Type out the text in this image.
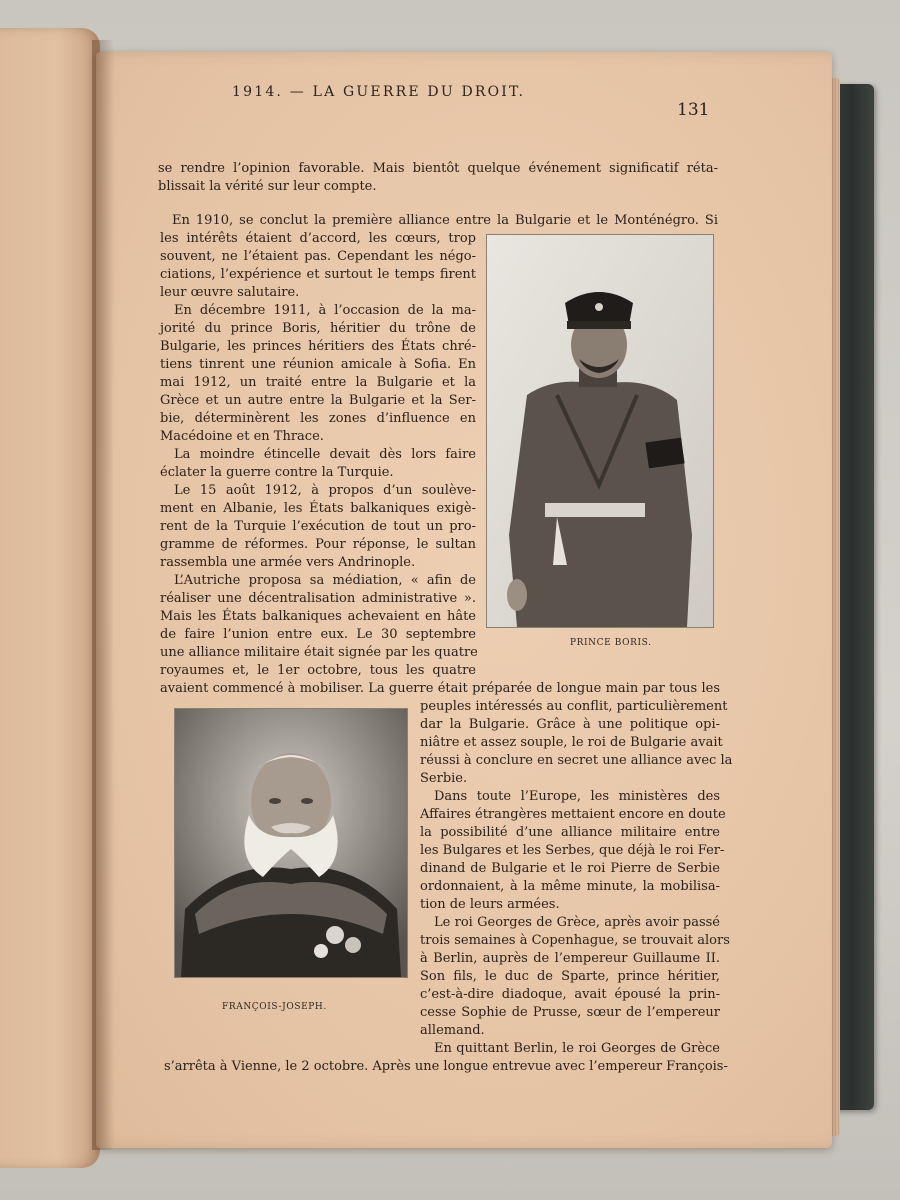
1914. — LA GUERRE DU DROIT.
131
se rendre l’opinion favorable. Mais bientôt quelque événement significatif réta-
blissait la vérité sur leur compte.
En 1910, se conclut la première alliance entre la Bulgarie et le Monténégro. Si
les intérêts étaient d’accord, les cœurs, trop
souvent, ne l’étaient pas. Cependant les négo-
ciations, l’expérience et surtout le temps firent
leur œuvre salutaire.
En décembre 1911, à l’occasion de la ma-
jorité du prince Boris, héritier du trône de
Bulgarie, les princes héritiers des États chré-
tiens tinrent une réunion amicale à Sofia. En
mai 1912, un traité entre la Bulgarie et la
Grèce et un autre entre la Bulgarie et la Ser-
bie, déterminèrent les zones d’influence en
Macédoine et en Thrace.
La moindre étincelle devait dès lors faire
éclater la guerre contre la Turquie.
Le 15 août 1912, à propos d’un soulève-
ment en Albanie, les États balkaniques exigè-
rent de la Turquie l’exécution de tout un pro-
gramme de réformes. Pour réponse, le sultan
rassembla une armée vers Andrinople.
L’Autriche proposa sa médiation, « afin de
réaliser une décentralisation administrative ».
Mais les États balkaniques achevaient en hâte
de faire l’union entre eux. Le 30 septembre
une alliance militaire était signée par les quatre
royaumes et, le 1er octobre, tous les quatre
avaient commencé à mobiliser. La guerre était préparée de longue main par tous les
peuples intéressés au conflit, particulièrement
dar la Bulgarie. Grâce à une politique opi-
niâtre et assez souple, le roi de Bulgarie avait
réussi à conclure en secret une alliance avec la
Serbie.
Dans toute l’Europe, les ministères des
Affaires étrangères mettaient encore en doute
la possibilité d’une alliance militaire entre
les Bulgares et les Serbes, que déjà le roi Fer-
dinand de Bulgarie et le roi Pierre de Serbie
ordonnaient, à la même minute, la mobilisa-
tion de leurs armées.
Le roi Georges de Grèce, après avoir passé
trois semaines à Copenhague, se trouvait alors
à Berlin, auprès de l’empereur Guillaume II.
Son fils, le duc de Sparte, prince héritier,
c’est-à-dire diadoque, avait épousé la prin-
cesse Sophie de Prusse, sœur de l’empereur
allemand.
En quittant Berlin, le roi Georges de Grèce
s’arrêta à Vienne, le 2 octobre. Après une longue entrevue avec l’empereur François-
PRINCE BORIS.
FRANÇOIS-JOSEPH.
